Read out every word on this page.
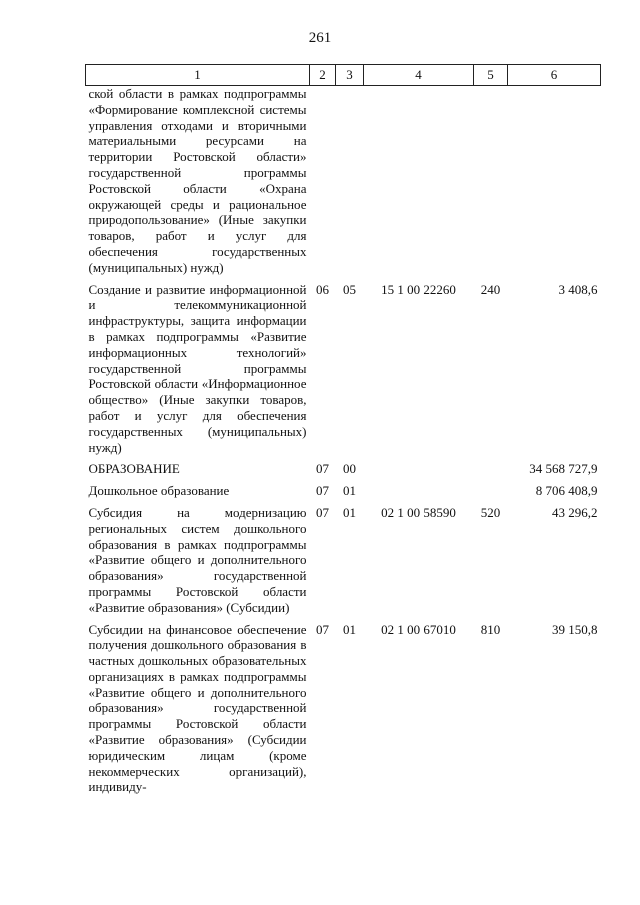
261
1	2	3	4	5	6
ской области в рамках подпрограммы «Формирование комплексной системы управления отходами и вторичными материальными ресурсами на территории Ростовской области» государственной программы Ростовской области «Охрана окружающей среды и рациональное природопользование» (Иные закупки товаров, работ и услуг для обеспечения государственных (муниципальных) нужд)					
Создание и развитие информационной и телекоммуникационной инфраструктуры, защита информации в рамках подпрограммы «Развитие информационных технологий» государственной программы Ростовской области «Информационное общество» (Иные закупки товаров, работ и услуг для обеспечения государственных (муниципальных) нужд)	06	05	15 1 00 22260	240	3 408,6
ОБРАЗОВАНИЕ	07	00			34 568 727,9
Дошкольное образование	07	01			8 706 408,9
Субсидия на модернизацию региональных систем дошкольного образования в рамках подпрограммы «Развитие общего и дополнительного образования» государственной программы Ростовской области «Развитие образования» (Субсидии)	07	01	02 1 00 58590	520	43 296,2
Субсидии на финансовое обеспечение получения дошкольного образования в частных дошкольных образовательных организациях в рамках подпрограммы «Развитие общего и дополнительного образования» государственной программы Ростовской области «Развитие образования» (Субсидии юридическим лицам (кроме некоммерческих организаций), индивиду-	07	01	02 1 00 67010	810	39 150,8
